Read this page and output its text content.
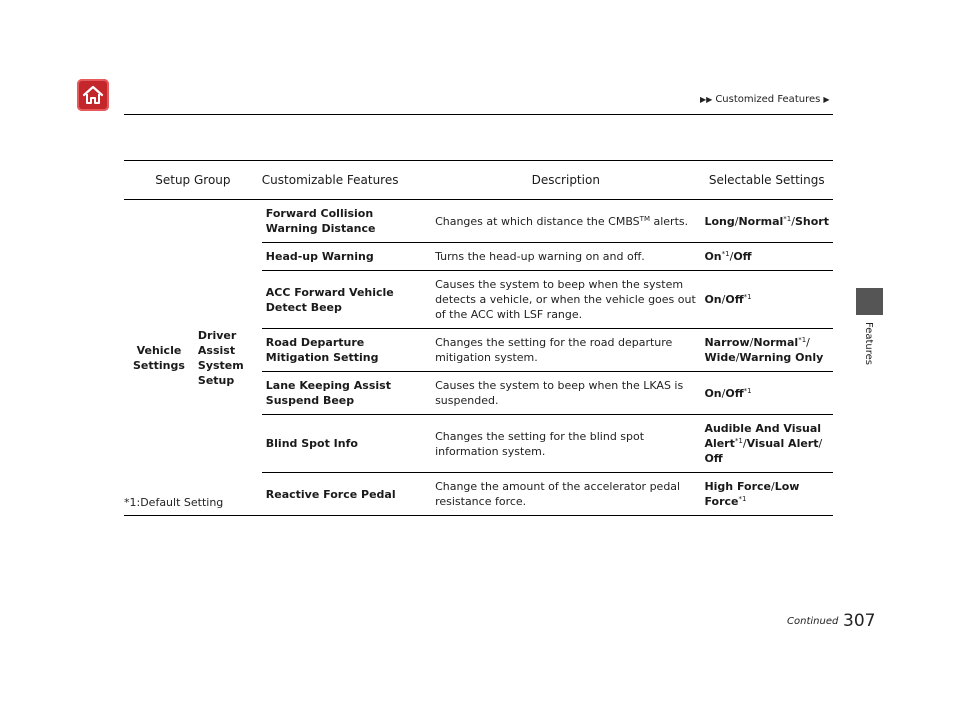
▶▶ Customized Features ▶
Features
Setup Group		Customizable Features	Description	Selectable Settings
Vehicle Settings	Driver Assist System Setup	Forward Collision Warning Distance	Changes at which distance the CMBS™ alerts.	Long/Normal$^{*1}$/Short
		Head-up Warning	Turns the head-up warning on and off.	On$^{*1}$/Off
		ACC Forward Vehicle Detect Beep	Causes the system to beep when the system detects a vehicle, or when the vehicle goes out of the ACC with LSF range.	On/Off$^{*1}$
		Road Departure Mitigation Setting	Changes the setting for the road departure mitigation system.	Narrow/Normal$^{*1}$/
Wide/Warning Only
		Lane Keeping Assist Suspend Beep	Causes the system to beep when the LKAS is suspended.	On/Off$^{*1}$
		Blind Spot Info	Changes the setting for the blind spot information system.	Audible And Visual Alert$^{*1}$/Visual Alert/
Off
		Reactive Force Pedal	Change the amount of the accelerator pedal resistance force.	High Force/Low Force$^{*1}$
*1:Default Setting
Continued 307
